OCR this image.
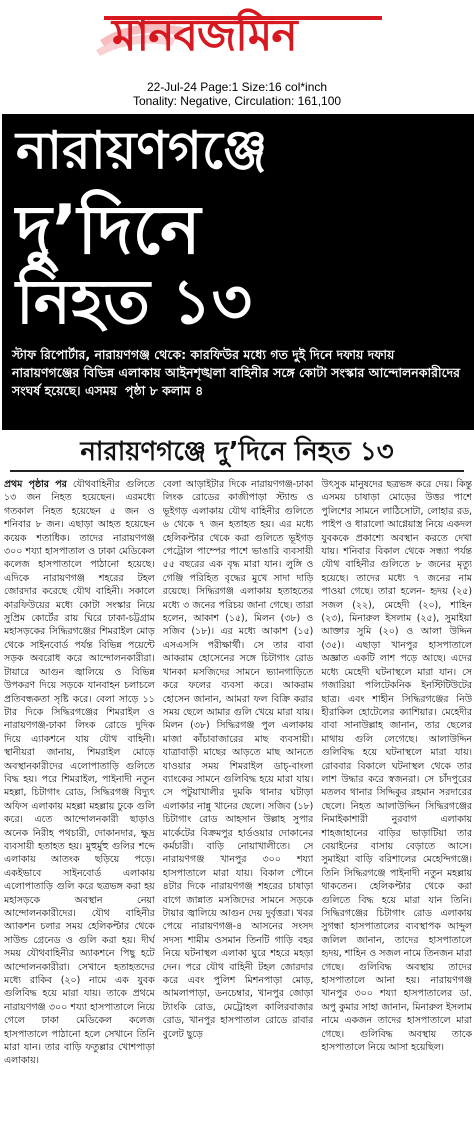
মানবজমিন
22-Jul-24 Page:1 Size:16 col*inch
Tonality: Negative, Circulation: 161,100
নারায়ণগঞ্জে
দু’দিনে
নিহত ১৩
স্টাফ রিপোর্টার, নারায়ণগঞ্জ থেকে: কারফিউর মধ্যে গত দুই দিনে দফায় দফায় নারায়ণগঞ্জের বিভিন্ন এলাকায় আইনশৃঙ্খলা বাহিনীর সঙ্গে কোটা সংস্কার আন্দোলনকারীদের সংঘর্ষ হয়েছে। এসময় পৃষ্ঠা ৮ কলাম ৪
নারায়ণগঞ্জে দু’দিনে নিহত ১৩

প্রথম পৃষ্ঠার পর যৌথবাহিনীর গুলিতে ১৩ জন নিহত হয়েছেন। এরমধ্যে গতকাল নিহত হয়েছেন ৫ জন ও শনিবার ৮ জন। এছাড়া আহত হয়েছেন কয়েক শতাধিক। তাদের নারায়ণগঞ্জ ৩০০ শয্যা হাসপাতাল ও ঢাকা মেডিকেল কলেজ হাসপাতালে পাঠানো হয়েছে। এদিকে নারায়ণগঞ্জ শহরের টহল জোরদার করেছে যৌথ বাহিনী। সকালে কারফিউয়ের মধ্যে কোটা সংস্কার নিয়ে সুপ্রিম কোর্টের রায় ঘিরে ঢাকা-চট্টগ্রাম মহাসড়কের সিদ্ধিরগঞ্জের শিমরাইল মোড় থেকে সাইনবোর্ড পর্যন্ত বিভিন্ন পয়েন্টে সড়ক অবরোধ করে আন্দোলনকারীরা। টায়ারে আগুন জ্বালিয়ে ও বিভিন্ন উপকরণ দিয়ে সড়কে যানবাহন চলাচলে প্রতিবন্ধকতা সৃষ্টি করে। বেলা সাড়ে ১১ টার দিকে সিদ্ধিরগঞ্জের শিমরাইল ও নারায়ণগঞ্জ-ঢাকা লিংক রোডে দুদিক দিয়ে এ্যাকশনে যায় যৌথ বাহিনী। স্থানীয়রা জানায়, শিমরাইল মোড়ে অবস্থানকারীদের এলোপাতাড়ি গুলিতে বিদ্ধ হয়। পরে শিমরাইল, পাইনাদী নতুন মহল্লা, চিটাগাং রোড, সিদ্ধিরগঞ্জ বিদ্যুৎ অফিস এলাকায় মহল্লা মহল্লায় ঢুকে গুলি করে। এতে আন্দোলনকারী ছাড়াও অনেক নিরীহ পথচারী, দোকানদার, ক্ষুদ্র ব্যবসায়ী হতাহত হয়। মুহুর্মুহু গুলির শব্দে এলাকায় আতংক ছড়িয়ে পড়ে। একইভাবে সাইনবোর্ড এলাকায় এলোপাতাড়ি গুলি করে ছত্রভঙ্গ করা হয় মহাসড়কে অবস্থান নেয়া আন্দোলনকারীদের। যৌথ বাহিনীর অ্যাকশন চলার সময় হেলিকপ্টার থেকে সাউন্ড গ্রেনেড ও গুলি করা হয়। দীর্ঘ সময় যৌথবাহিনীর অ্যাকশনে পিছু হটে আন্দোলনকারীরা। সেখানে হতাহতদের মধ্যে রাকিব (২০) নামে এক যুবক গুলিবিদ্ধ হয়ে মারা যায়। তাকে প্রথমে নারায়ণগঞ্জ ৩০০ শয্যা হাসপাতালে নিয়ে গেলে ঢাকা মেডিকেল কলেজ হাসপাতালে পাঠানো হলে সেখানে তিনি মারা যান। তার বাড়ি ফতুল্লার খোশপাড়া এলাকায়।

বেলা আড়াইটার দিকে নারায়ণগঞ্জ-ঢাকা লিংক রোডের কাজীপাড়া স্ট্যান্ড ও ভূইগড় এলাকায় যৌথ বাহিনীর গুলিতে ৬ থেকে ৭ জন হতাহত হয়। এর মধ্যে হেলিকপ্টার থেকে করা গুলিতে ভূইগড় পেট্রোল পাম্পের পাশে ভাঙারি ব্যবসায়ী ৫৫ বছরের এক বৃদ্ধ মারা যান। লুঙ্গি ও গেঞ্জি পরিহিত বৃদ্ধের মুখে সাদা দাড়ি রয়েছে। সিদ্ধিরগঞ্জ এলাকায় হতাহতের মধ্যে ৩ জনের পরিচয় জানা গেছে। তারা হলেন, আকাশ (১৫), মিলন (৩৮) ও সজিব (১৮)। এর মধ্যে আকাশ (১৫) এসএসসি পরীক্ষার্থী। সে তার বাবা আকরাম হোসেনের সঙ্গে চিটাগাং রোড খানকা মসজিদের সামনে ভ্যানগাড়িতে করে ফলের ব্যবসা করে। আকরাম হোসেন জানান, আমরা ফল বিক্রি করার সময় ছেলে আমার গুলি খেয়ে মারা যায়। মিলন (৩৮) সিদ্ধিরগঞ্জ পুল এলাকায় মাজা কাঁচাবাজারের মাছ ব্যবসায়ী। যাত্রাবাড়ী মাছের আড়তে মাছ আনতে যাওয়ার সময় শিমরাইল ডাচ্‌-বাংলা ব্যাংকের সামনে গুলিবিদ্ধ হয়ে মারা যায়। সে পটুয়াখালীর দুমকি থানার ঘটাড়া এলাকার নান্নু খানের ছেলে। সজিব (১৮) চিটাগাং রোড আহসান উল্লাহ সুপার মার্কেটের বিক্রমপুর হার্ডওয়ার দোকানের কর্মচারী। বাড়ি নোয়াখালীতে। সে নারায়ণগঞ্জ খানপুর ৩০০ শয্যা হাসপাতালে মারা যায়। বিকাল পৌনে ৪টার দিকে নারায়ণগঞ্জ শহরের চাষাড়া বাগে জান্নাত মসজিদের সামনে সড়কে টায়ার জ্বালিয়ে আগুন দেয় দুর্বৃত্তরা। খবর পেয়ে নারায়ণগঞ্জ-৪ আসনের সংসদ সদস্য শামীম ওসমান তিনটি গাড়ি বহর নিয়ে ঘটনাস্থল এলাকা ঘুরে শহরে মহড়া দেন। পরে যৌথ বাহিনী টহল জোরদার করে এবং পুলিশ মিশনপাড়া মোড়, আমলাপাড়া, ডনচেম্বার, খানপুর জোড়া ট্যাংকি রোড, মেট্রোহল কালিরবাজার রোড, খানপুর হাসপাতাল রোডে রাবার বুলেট ছুড়ে

উৎসুক মানুষদের ছত্রভঙ্গ করে দেয়। কিন্তু এসময় চাষাড়া মোড়ের উত্তর পাশে পুলিশের সামনে লাঠিসোটা, লোহার রড, পাইপ ও ধারালো আগ্নেয়াস্ত্র নিয়ে একদল যুবককে প্রকাশ্যে অবস্থান করতে দেখা যায়। শনিবার বিকাল থেকে সন্ধ্যা পর্যন্ত যৌথ বাহিনীর গুলিতে ৮ জনের মৃত্যু হয়েছে। তাদের মধ্যে ৭ জনের নাম পাওয়া গেছে। তারা হলেন- হৃদয় (২৫) সজল (২২), মেহেদী (২০), শাহিন (২৩), মিনারুল ইসলাম (২৫), সুমাইয়া আক্তার সুমি (২০) ও আলা উদ্দিন (৩৫)। এছাড়া খানপুর হাসপাতালে অজ্ঞাত একটি লাশ পড়ে আছে। এদের মধ্যে মেহেদী ঘটনাস্থলে মারা যান। সে গজারিয়া পলিটেকনিক ইনস্টিটিউটের ছাত্র। এবং শাহীন সিদ্ধিরগঞ্জের নিউ হীরাকিল হোটেলের ক্যাশিয়ার। মেহেদীর বাবা সানাউল্লাহ জানান, তার ছেলের মাথায় গুলি লেগেছে। আলাউদ্দিন গুলিবিদ্ধ হয়ে ঘটনাস্থলে মারা যায়। রোববার বিকালে ঘটনাস্থল থেকে তার লাশ উদ্ধার করে স্বজনরা। সে চাঁদপুরের মতলব থানার সিদ্দিকুর রহমান সরদারের ছেলে। নিহত আলাউদ্দিন সিদ্ধিরগঞ্জের নিমাইকাশারী নুরবাগ এলাকায় শাহজাহানের বাড়ির ভাড়াটিয়া তার বেয়াইনের বাসায় বেড়াতে আসে। সুমাইয়া বাড়ি বরিশালের মেহেন্দিগঞ্জে। তিনি সিদ্ধিরগঞ্জে পাইনাদী নতুন মহল্লায় থাকতেন। হেলিকপ্টার থেকে করা গুলিতে বিদ্ধ হয়ে মারা যান তিনি। সিদ্ধিরগঞ্জের চিটাগাং রোড এলাকায় সুগন্ধা হাসপাতালের ব্যবস্থাপক আব্দুল জলিল জানান, তাদের হাসপাতালে হৃদয়, শাহিন ও সজল নামে তিনজন মারা গেছে। গুলিবিদ্ধ অবস্থায় তাদের হাসপাতালে আনা হয়। নারায়ণগঞ্জ খানপুর ৩০০ শয্যা হাসপাতালের ডা. অপু কুমার সাহা জানান, মিনারুল ইসলাম নামে একজন তাদের হাসপাতালে মারা গেছে। গুলিবিদ্ধ অবস্থায় তাকে হাসপাতালে নিয়ে আসা হয়েছিল।
